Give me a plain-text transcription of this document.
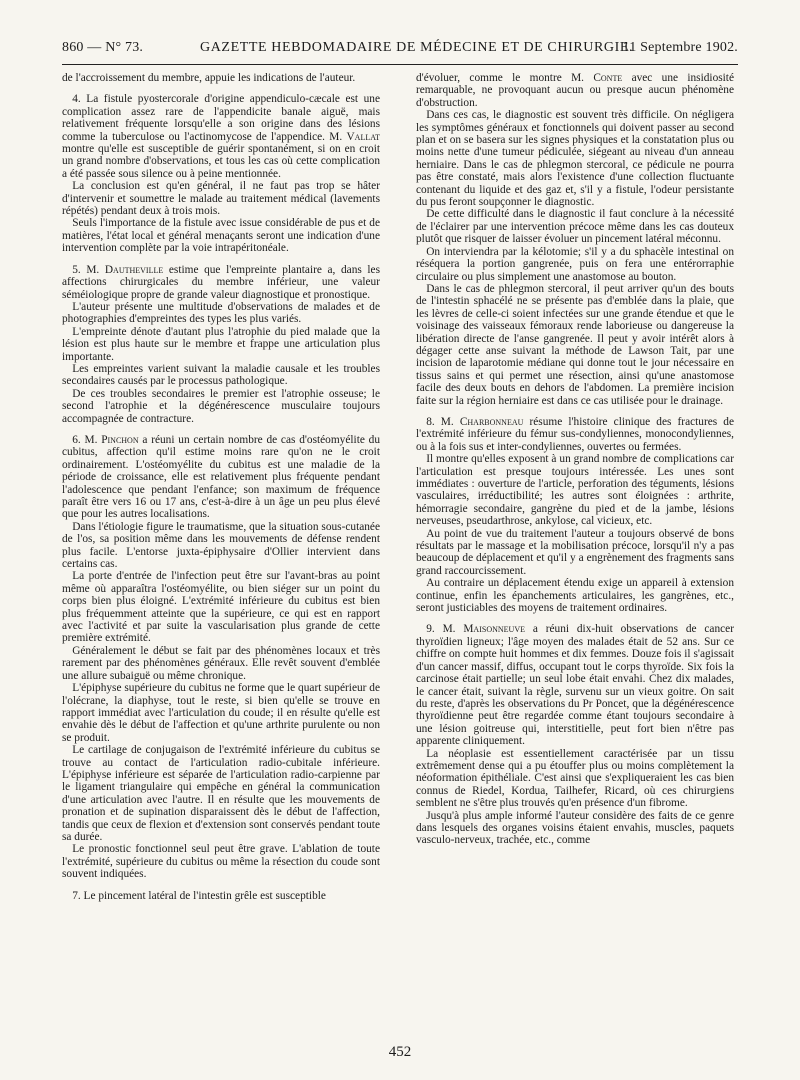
860 — N° 73.	GAZETTE HEBDOMADAIRE DE MÉDECINE ET DE CHIRURGIE.
11 Septembre 1902.

de l'accroissement du membre, appuie les indications de l'auteur.

4. La fistule pyostercorale d'origine appendiculo-cæcale est une complication assez rare de l'appendicite banale aiguë, mais relativement fréquente lorsqu'elle a son origine dans des lésions comme la tuberculose ou l'actinomycose de l'appendice. M. Vallat montre qu'elle est susceptible de guérir spontanément, si on en croit un grand nombre d'observations, et tous les cas où cette complication a été passée sous silence ou à peine mentionnée.

La conclusion est qu'en général, il ne faut pas trop se hâter d'intervenir et soumettre le malade au traitement médical (lavements répétés) pendant deux à trois mois.

Seuls l'importance de la fistule avec issue considérable de pus et de matières, l'état local et général menaçants seront une indication d'une intervention complète par la voie intrapéritonéale.

5. M. Dautheville estime que l'empreinte plantaire a, dans les affections chirurgicales du membre inférieur, une valeur séméiologique propre de grande valeur diagnostique et pronostique.

L'auteur présente une multitude d'observations de malades et de photographies d'empreintes des types les plus variés.

L'empreinte dénote d'autant plus l'atrophie du pied malade que la lésion est plus haute sur le membre et frappe une articulation plus importante.

Les empreintes varient suivant la maladie causale et les troubles secondaires causés par le processus pathologique.

De ces troubles secondaires le premier est l'atrophie osseuse; le second l'atrophie et la dégénérescence musculaire toujours accompagnée de contracture.

6. M. Pinchon a réuni un certain nombre de cas d'ostéomyélite du cubitus, affection qu'il estime moins rare qu'on ne le croit ordinairement. L'ostéomyélite du cubitus est une maladie de la période de croissance, elle est relativement plus fréquente pendant l'adolescence que pendant l'enfance; son maximum de fréquence paraît être vers 16 ou 17 ans, c'est-à-dire à un âge un peu plus élevé que pour les autres localisations.

Dans l'étiologie figure le traumatisme, que la situation sous-cutanée de l'os, sa position même dans les mouvements de défense rendent plus facile. L'entorse juxta-épiphysaire d'Ollier intervient dans certains cas.

La porte d'entrée de l'infection peut être sur l'avant-bras au point même où apparaîtra l'ostéomyélite, ou bien siéger sur un point du corps bien plus éloigné. L'extrémité inférieure du cubitus est bien plus fréquemment atteinte que la supérieure, ce qui est en rapport avec l'activité et par suite la vascularisation plus grande de cette première extrémité.

Généralement le début se fait par des phénomènes locaux et très rarement par des phénomènes généraux. Elle revêt souvent d'emblée une allure subaiguë ou même chronique.

L'épiphyse supérieure du cubitus ne forme que le quart supérieur de l'olécrane, la diaphyse, tout le reste, si bien qu'elle se trouve en rapport immédiat avec l'articulation du coude; il en résulte qu'elle est envahie dès le début de l'affection et qu'une arthrite purulente ou non se produit.

Le cartilage de conjugaison de l'extrémité inférieure du cubitus se trouve au contact de l'articulation radio-cubitale inférieure. L'épiphyse inférieure est séparée de l'articulation radio-carpienne par le ligament triangulaire qui empêche en général la communication d'une articulation avec l'autre. Il en résulte que les mouvements de pronation et de supination disparaissent dès le début de l'affection, tandis que ceux de flexion et d'extension sont conservés pendant toute sa durée.

Le pronostic fonctionnel seul peut être grave. L'ablation de toute l'extrémité, supérieure du cubitus ou même la résection du coude sont souvent indiquées.

7. Le pincement latéral de l'intestin grêle est susceptible

d'évoluer, comme le montre M. Conte avec une insidiosité remarquable, ne provoquant aucun ou presque aucun phénomène d'obstruction.

Dans ces cas, le diagnostic est souvent très difficile. On négligera les symptômes généraux et fonctionnels qui doivent passer au second plan et on se basera sur les signes physiques et la constatation plus ou moins nette d'une tumeur pédiculée, siégeant au niveau d'un anneau herniaire. Dans le cas de phlegmon stercoral, ce pédicule ne pourra pas être constaté, mais alors l'existence d'une collection fluctuante contenant du liquide et des gaz et, s'il y a fistule, l'odeur persistante du pus feront soupçonner le diagnostic.

De cette difficulté dans le diagnostic il faut conclure à la nécessité de l'éclairer par une intervention précoce même dans les cas douteux plutôt que risquer de laisser évoluer un pincement latéral méconnu.

On interviendra par la kélotomie; s'il y a du sphacèle intestinal on réséquera la portion gangrenée, puis on fera une entérorraphie circulaire ou plus simplement une anastomose au bouton.

Dans le cas de phlegmon stercoral, il peut arriver qu'un des bouts de l'intestin sphacélé ne se présente pas d'emblée dans la plaie, que les lèvres de celle-ci soient infectées sur une grande étendue et que le voisinage des vaisseaux fémoraux rende laborieuse ou dangereuse la libération directe de l'anse gangrenée. Il peut y avoir intérêt alors à dégager cette anse suivant la méthode de Lawson Tait, par une incision de laparotomie médiane qui donne tout le jour nécessaire en tissus sains et qui permet une résection, ainsi qu'une anastomose facile des deux bouts en dehors de l'abdomen. La première incision faite sur la région herniaire est dans ce cas utilisée pour le drainage.

8. M. Charbonneau résume l'histoire clinique des fractures de l'extrémité inférieure du fémur sus-condyliennes, monocondyliennes, ou à la fois sus et inter-condyliennes, ouvertes ou fermées.

Il montre qu'elles exposent à un grand nombre de complications car l'articulation est presque toujours intéressée. Les unes sont immédiates : ouverture de l'article, perforation des téguments, lésions vasculaires, irréductibilité; les autres sont éloignées : arthrite, hémorragie secondaire, gangrène du pied et de la jambe, lésions nerveuses, pseudarthrose, ankylose, cal vicieux, etc.

Au point de vue du traitement l'auteur a toujours observé de bons résultats par le massage et la mobilisation précoce, lorsqu'il n'y a pas beaucoup de déplacement et qu'il y a engrènement des fragments sans grand raccourcissement.

Au contraire un déplacement étendu exige un appareil à extension continue, enfin les épanchements articulaires, les gangrènes, etc., seront justiciables des moyens de traitement ordinaires.

9. M. Maisonneuve a réuni dix-huit observations de cancer thyroïdien ligneux; l'âge moyen des malades était de 52 ans. Sur ce chiffre on compte huit hommes et dix femmes. Douze fois il s'agissait d'un cancer massif, diffus, occupant tout le corps thyroïde. Six fois la carcinose était partielle; un seul lobe était envahi. Chez dix malades, le cancer était, suivant la règle, survenu sur un vieux goitre. On sait du reste, d'après les observations du Pr Poncet, que la dégénérescence thyroïdienne peut être regardée comme étant toujours secondaire à une lésion goitreuse qui, interstitielle, peut fort bien n'être pas apparente cliniquement.

La néoplasie est essentiellement caractérisée par un tissu extrêmement dense qui a pu étouffer plus ou moins complètement la néoformation épithéliale. C'est ainsi que s'expliqueraient les cas bien connus de Riedel, Kordua, Tailhefer, Ricard, où ces chirurgiens semblent ne s'être plus trouvés qu'en présence d'un fibrome.

Jusqu'à plus ample informé l'auteur considère des faits de ce genre dans lesquels des organes voisins étaient envahis, muscles, paquets vasculo-nerveux, trachée, etc., comme

452
